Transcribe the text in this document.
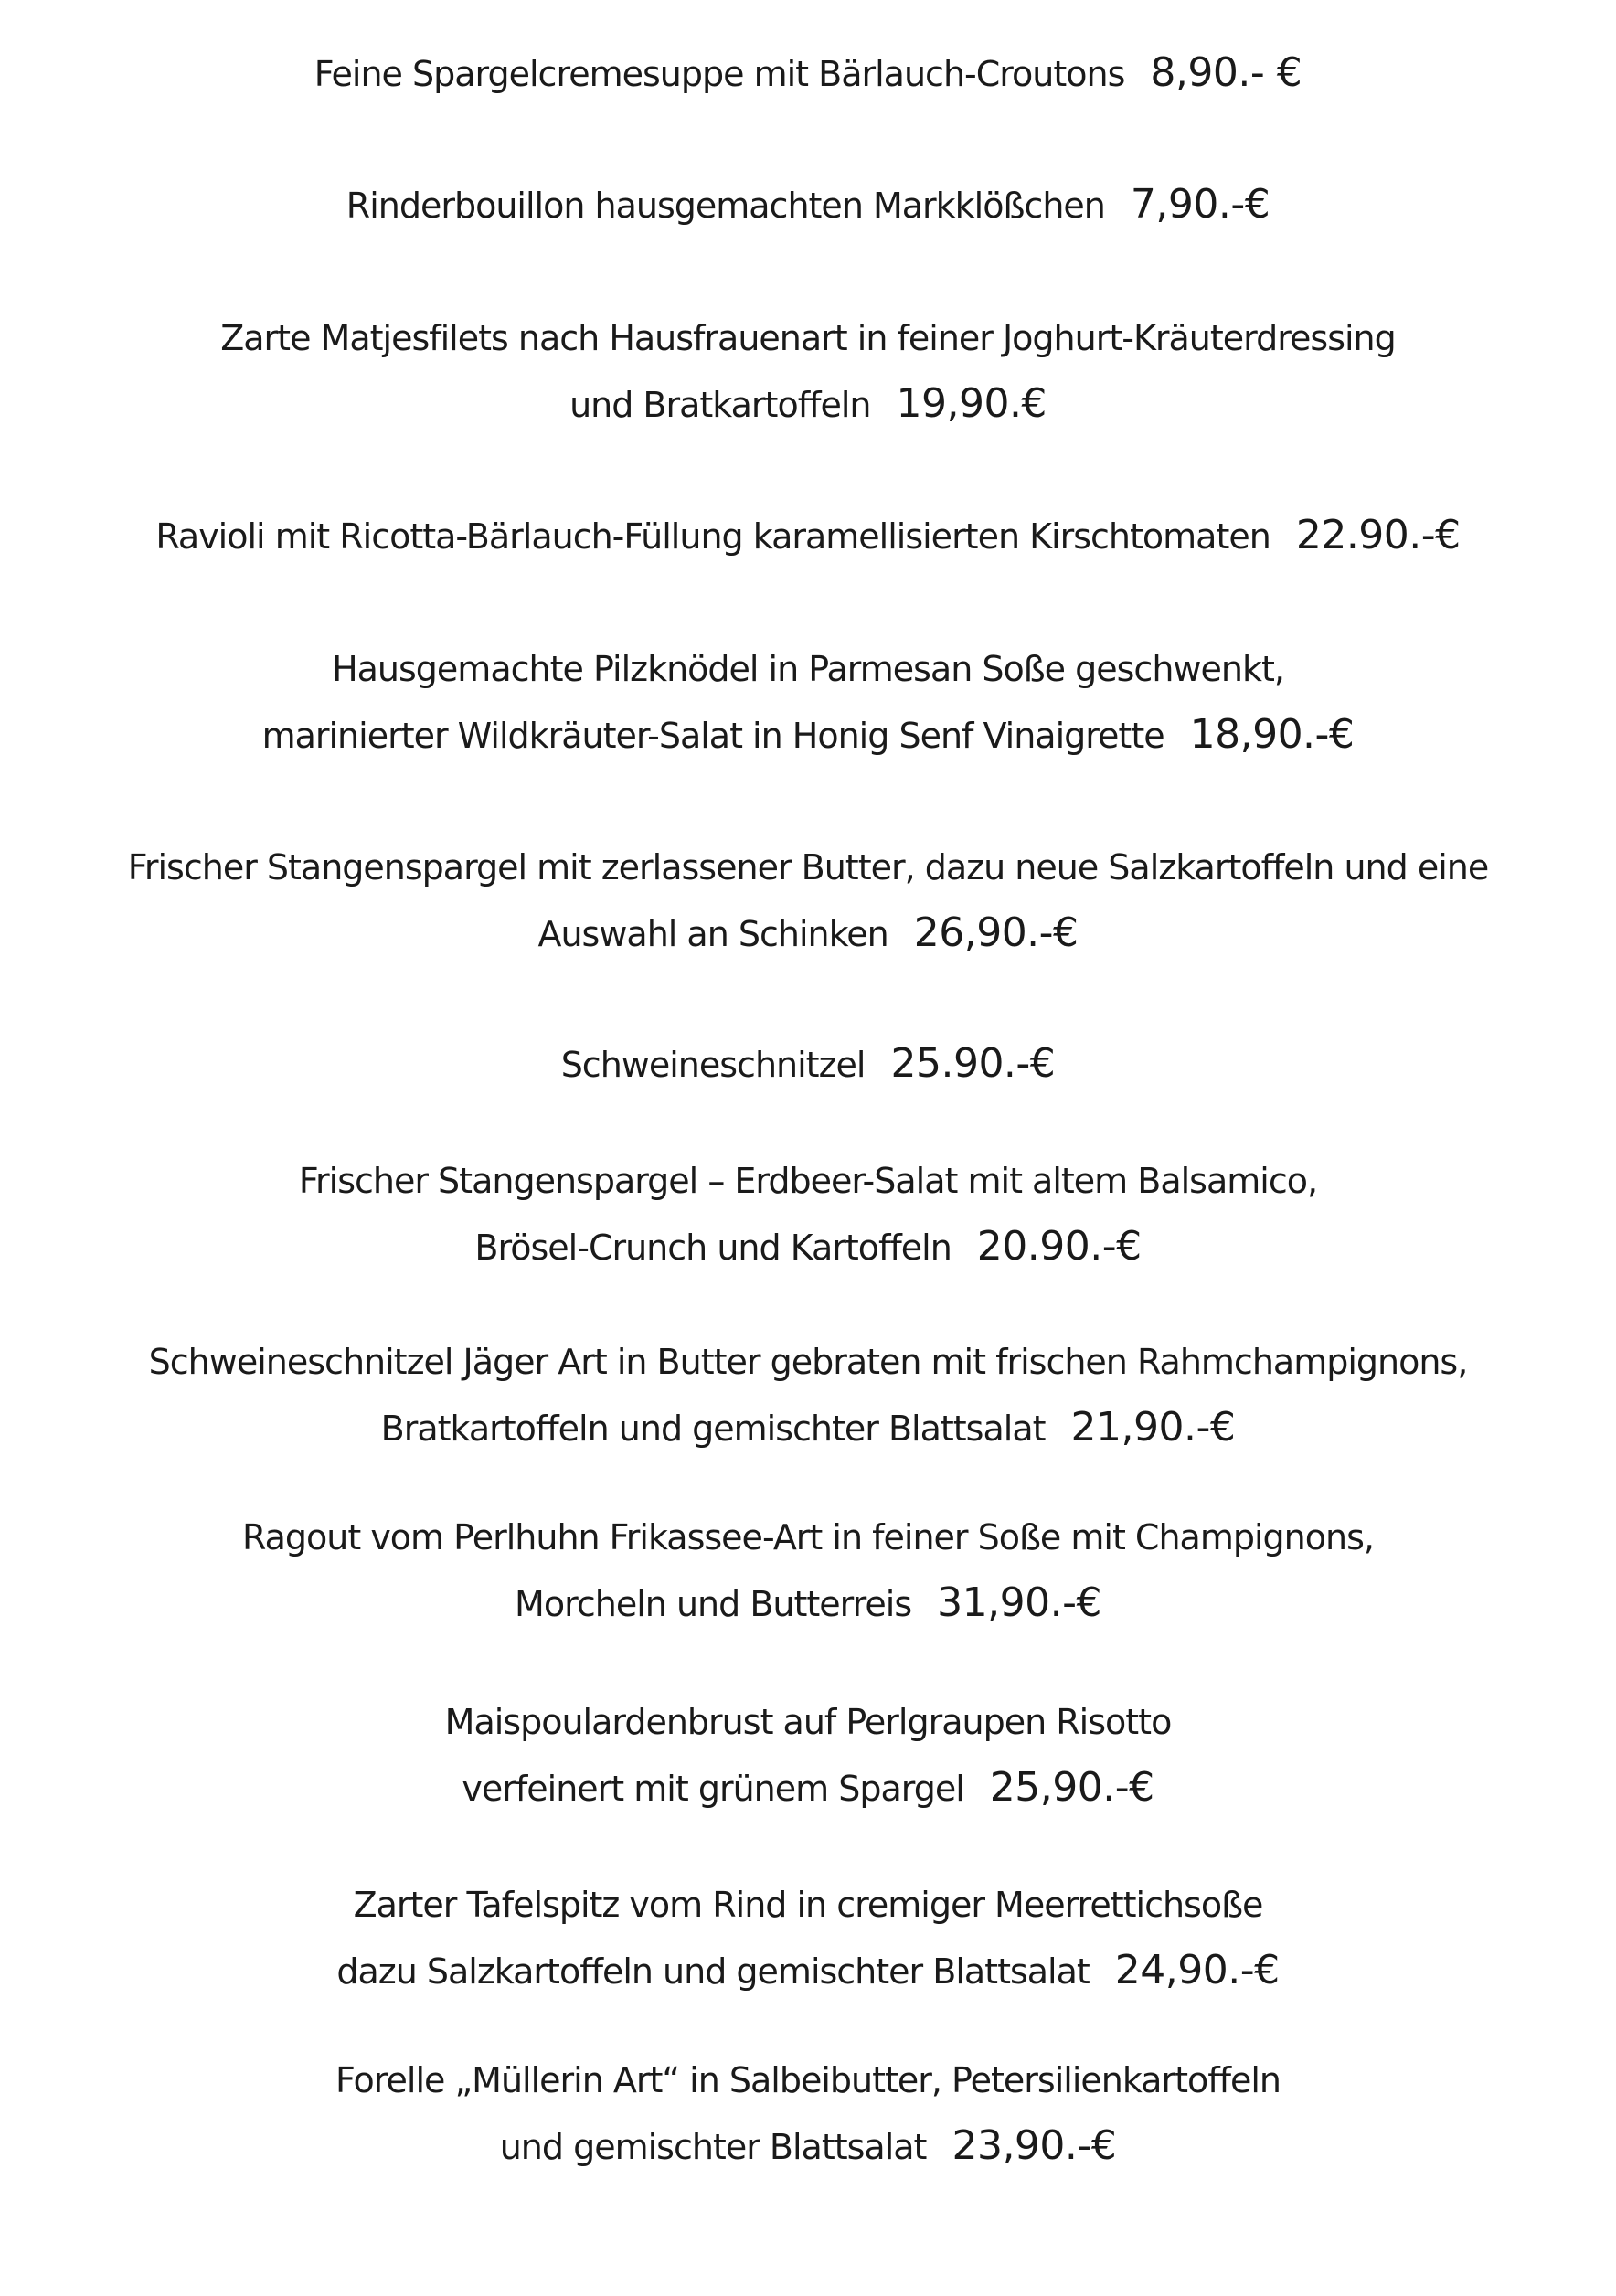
Feine Spargelcremesuppe mit Bärlauch-Croutons 8,90.- €
Rinderbouillon hausgemachten Markklößchen 7,90.-€
Zarte Matjesfilets nach Hausfrauenart in feiner Joghurt-Kräuterdressing
und Bratkartoffeln 19,90.€
Ravioli mit Ricotta-Bärlauch-Füllung karamellisierten Kirschtomaten 22.90.-€
Hausgemachte Pilzknödel in Parmesan Soße geschwenkt,
marinierter Wildkräuter-Salat in Honig Senf Vinaigrette 18,90.-€
Frischer Stangenspargel mit zerlassener Butter, dazu neue Salzkartoffeln und eine
Auswahl an Schinken 26,90.-€
Schweineschnitzel 25.90.-€
Frischer Stangenspargel – Erdbeer-Salat mit altem Balsamico,
Brösel-Crunch und Kartoffeln 20.90.-€
Schweineschnitzel Jäger Art in Butter gebraten mit frischen Rahmchampignons,
Bratkartoffeln und gemischter Blattsalat 21,90.-€
Ragout vom Perlhuhn Frikassee-Art in feiner Soße mit Champignons,
Morcheln und Butterreis 31,90.-€
Maispoulardenbrust auf Perlgraupen Risotto
verfeinert mit grünem Spargel 25,90.-€
Zarter Tafelspitz vom Rind in cremiger Meerrettichsoße
dazu Salzkartoffeln und gemischter Blattsalat 24,90.-€
Forelle „Müllerin Art“ in Salbeibutter, Petersilienkartoffeln
und gemischter Blattsalat 23,90.-€
